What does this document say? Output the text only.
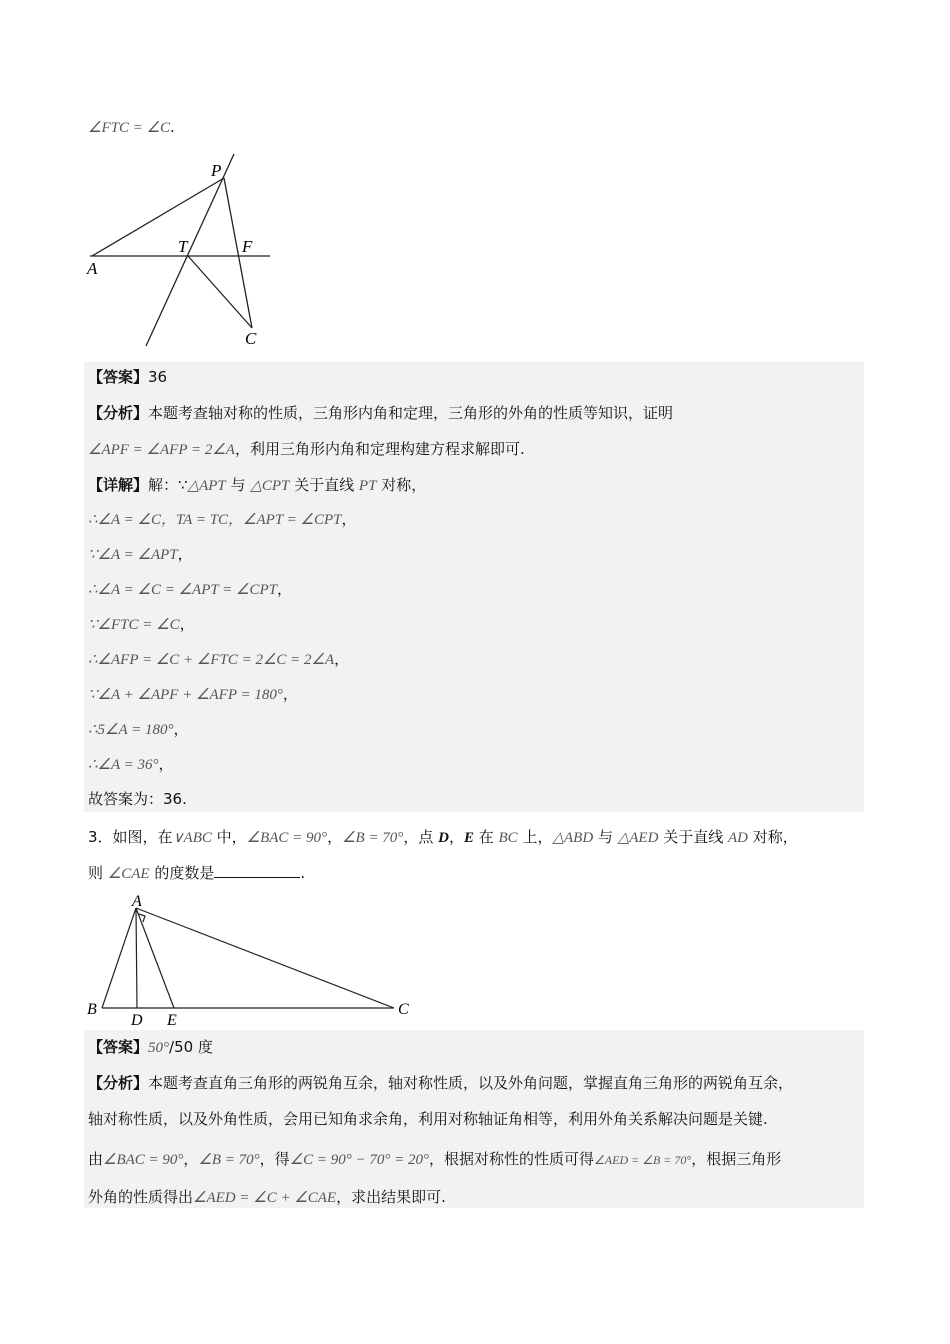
∠FTC = ∠C.
P
T	F
A
C
【答案】36
【分析】本题考查轴对称的性质，三角形内角和定理，三角形的外角的性质等知识，证明
∠APF = ∠AFP = 2∠A，利用三角形内角和定理构建方程求解即可.
【详解】解：∵△APT 与 △CPT 关于直线 PT 对称，
∴∠A = ∠C，TA = TC，∠APT = ∠CPT，
∵∠A = ∠APT，
∴∠A = ∠C = ∠APT = ∠CPT，
∵∠FTC = ∠C，
∴∠AFP = ∠C + ∠FTC = 2∠C = 2∠A，
∵∠A + ∠APF + ∠AFP = 180°，
∴5∠A = 180°，
∴∠A = 36°，
故答案为：36.
3．如图，在∨ABC 中，∠BAC = 90°，∠B = 70°，点 D，E 在 BC 上，△ABD 与 △AED 关于直线 AD 对称，
则 ∠CAE 的度数是	.
A
B
D E
C
【答案】50°/50 度
【分析】本题考查直角三角形的两锐角互余，轴对称性质，以及外角问题，掌握直角三角形的两锐角互余，
轴对称性质，以及外角性质，会用已知角求余角，利用对称轴证角相等，利用外角关系解决问题是关键.
由∠BAC = 90°，∠B = 70°，得∠C = 90° − 70° = 20°，根据对称性的性质可得∠AED = ∠B = 70°，根据三角形
外角的性质得出∠AED = ∠C + ∠CAE，求出结果即可.
